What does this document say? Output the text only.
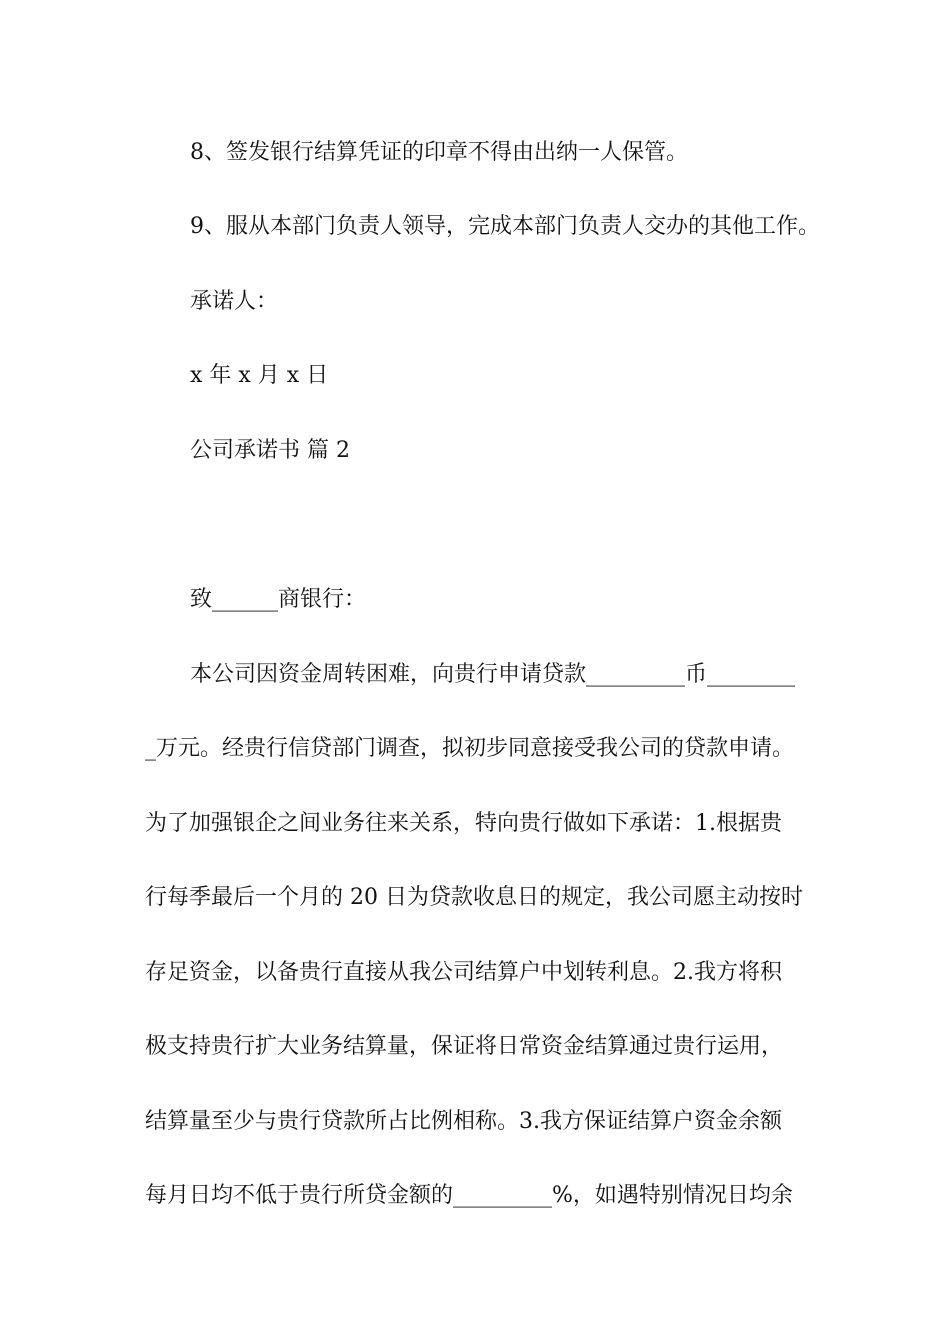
8、签发银行结算凭证的印章不得由出纳一人保管。

9、服从本部门负责人领导，完成本部门负责人交办的其他工作。

承诺人：

x 年 x 月 x 日

公司承诺书 篇 2

致______商银行：

本公司因资金周转困难，向贵行申请贷款_________币________

_万元。经贵行信贷部门调查，拟初步同意接受我公司的贷款申请。

为了加强银企之间业务往来关系，特向贵行做如下承诺：1.根据贵

行每季最后一个月的 20 日为贷款收息日的规定，我公司愿主动按时

存足资金，以备贵行直接从我公司结算户中划转利息。2.我方将积

极支持贵行扩大业务结算量，保证将日常资金结算通过贵行运用，

结算量至少与贵行贷款所占比例相称。3.我方保证结算户资金余额

每月日均不低于贵行所贷金额的_________%，如遇特别情况日均余
